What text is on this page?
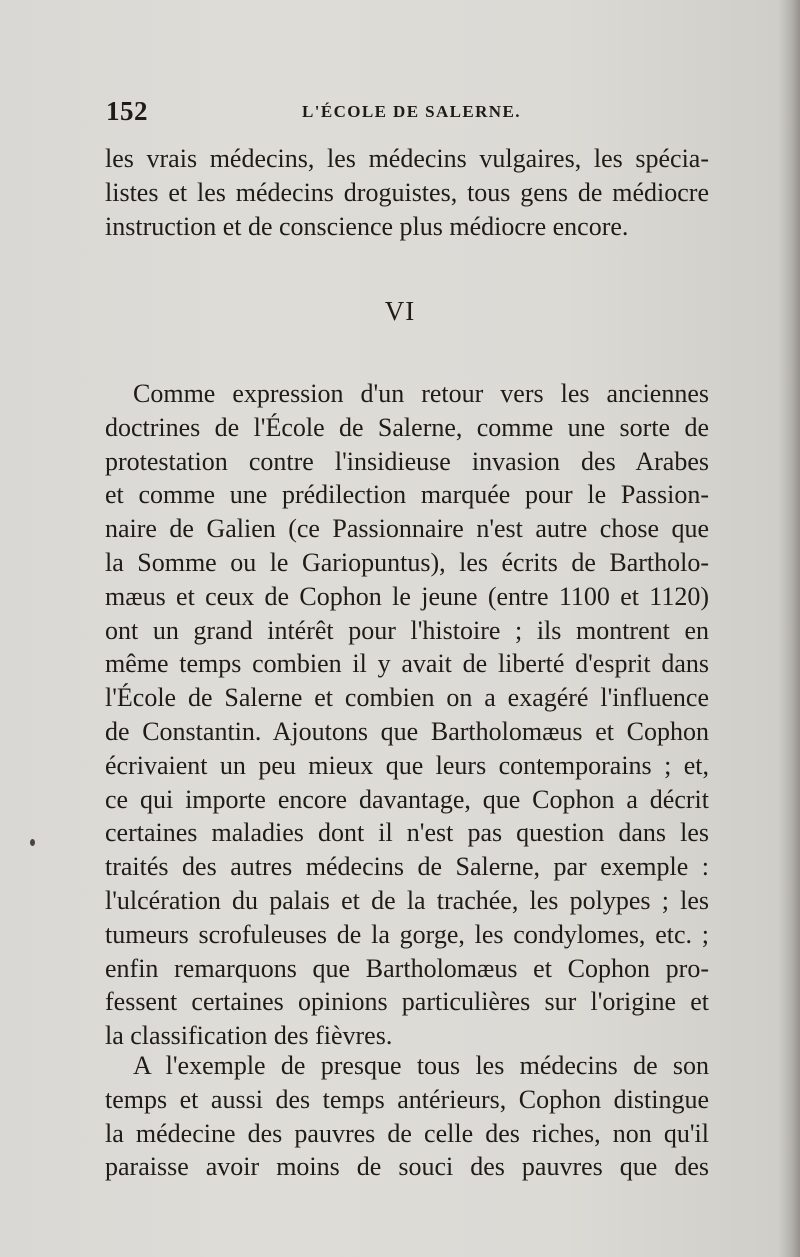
152	L'ÉCOLE DE SALERNE.
les vrais médecins, les médecins vulgaires, les spécia-
listes et les médecins droguistes, tous gens de médiocre
instruction et de conscience plus médiocre encore.
VI
Comme expression d'un retour vers les anciennes
doctrines de l'École de Salerne, comme une sorte de
protestation contre l'insidieuse invasion des Arabes
et comme une prédilection marquée pour le Passion-
naire de Galien (ce Passionnaire n'est autre chose que
la Somme ou le Gariopuntus), les écrits de Bartholo-
mæus et ceux de Cophon le jeune (entre 1100 et 1120)
ont un grand intérêt pour l'histoire ; ils montrent en
même temps combien il y avait de liberté d'esprit dans
l'École de Salerne et combien on a exagéré l'influence
de Constantin. Ajoutons que Bartholomæus et Cophon
écrivaient un peu mieux que leurs contemporains ; et,
ce qui importe encore davantage, que Cophon a décrit
certaines maladies dont il n'est pas question dans les
traités des autres médecins de Salerne, par exemple :
l'ulcération du palais et de la trachée, les polypes ; les
tumeurs scrofuleuses de la gorge, les condylomes, etc. ;
enfin remarquons que Bartholomæus et Cophon pro-
fessent certaines opinions particulières sur l'origine et
la classification des fièvres.
A l'exemple de presque tous les médecins de son
temps et aussi des temps antérieurs, Cophon distingue
la médecine des pauvres de celle des riches, non qu'il
paraisse avoir moins de souci des pauvres que des
